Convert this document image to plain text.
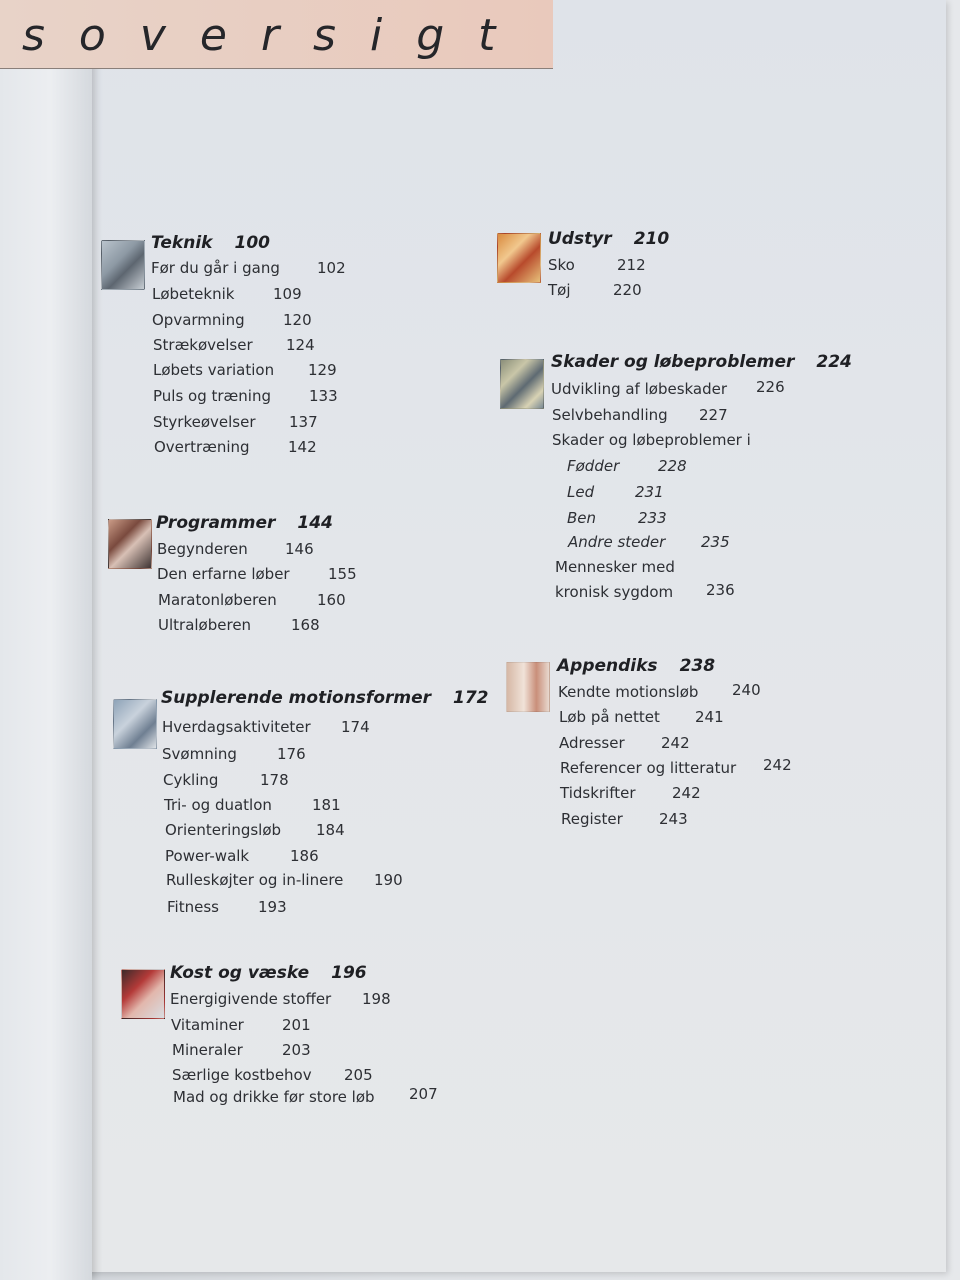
soversigt
Teknik 100
Før du går i gang 102
Løbeteknik	109
Opvarmning	120
Strækøvelser 124
Løbets variation 129
Puls og træning	133
Styrkeøvelser 137
Overtræning	142
Programmer 144
Begynderen 146
Den erfarne løber	155
Maratonløberen	160
Ultraløberen	168
Supplerende motionsformer 172
Hverdagsaktiviteter 174
Svømning	176
Cykling	178
Tri- og duatlon	181
Orienteringsløb 184
Power-walk	186
Rulleskøjter og in-linere 190
Fitness	193
Kost og væske 196
Energigivende stoffer 198
Vitaminer	201
Mineraler	203
Særlige kostbehov 205
Mad og drikke før store løb 207
Udstyr 210
Sko	212
Tøj	220
Skader og løbeproblemer 224
Udvikling af løbeskader 226
Selvbehandling 227
Skader og løbeproblemer i
Fødder	228
Led	231
Ben	233
Andre steder 235
Mennesker med
kronisk sygdom 236
Appendiks 238
Kendte motionsløb 240
Løb på nettet 241
Adresser 242
Referencer og litteratur 242
Tidskrifter 242
Register 243
